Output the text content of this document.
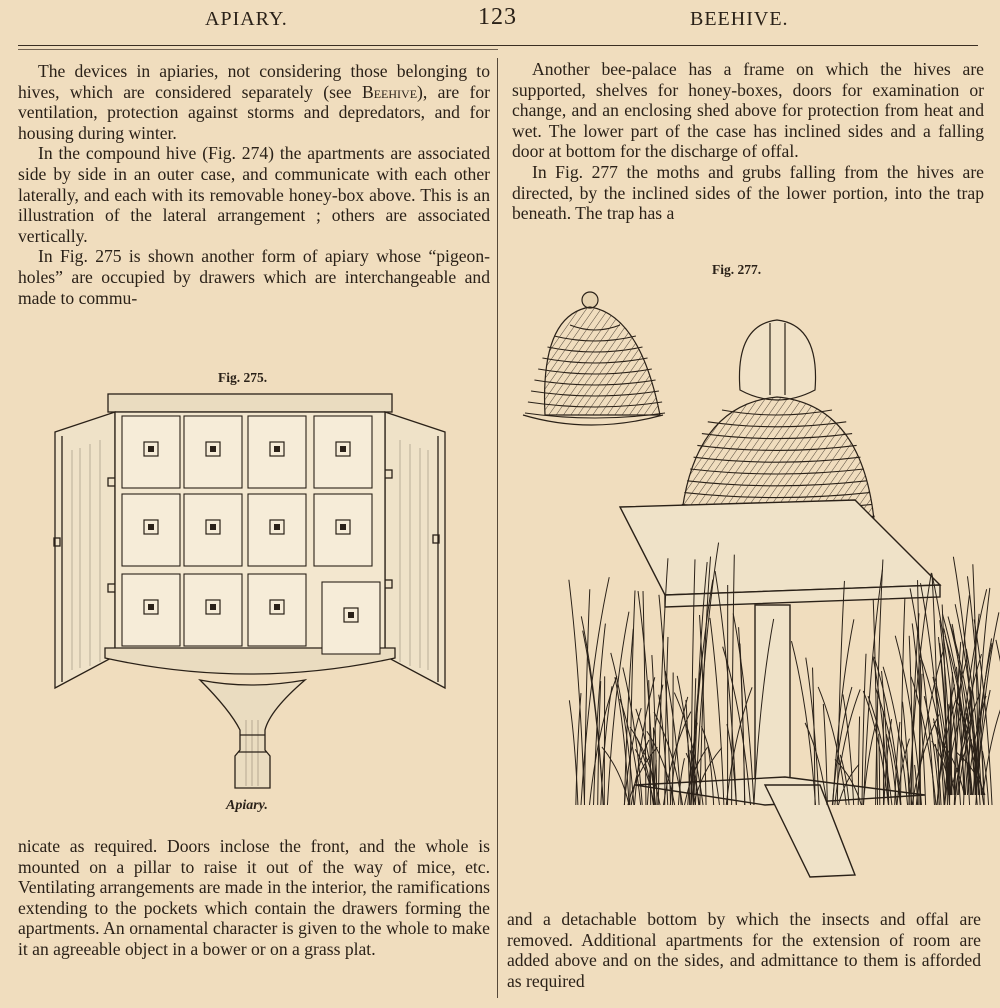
APIARY.	123	BEEHIVE.

The devices in apiaries, not considering those belonging to hives, which are considered separately (see Beehive), are for ventilation, protection against storms and depredators, and for housing during winter.

In the compound hive (Fig. 274) the apartments are associated side by side in an outer case, and communicate with each other laterally, and each with its removable honey-box above. This is an illustration of the lateral arrangement ; others are associated vertically.

In Fig. 275 is shown another form of apiary whose “pigeon-holes” are occupied by drawers which are interchangeable and made to commu-

Fig. 275.
Apiary.

nicate as required. Doors inclose the front, and the whole is mounted on a pillar to raise it out of the way of mice, etc. Ventilating arrangements are made in the interior, the ramifications extending to the pockets which contain the drawers forming the apartments. An ornamental character is given to the whole to make it an agreeable object in a bower or on a grass plat.

Another bee-palace has a frame on which the hives are supported, shelves for honey-boxes, doors for examination or change, and an enclosing shed above for protection from heat and wet. The lower part of the case has inclined sides and a falling door at bottom for the discharge of offal.

In Fig. 277 the moths and grubs falling from the hives are directed, by the inclined sides of the lower portion, into the trap beneath. The trap has a

Fig. 277.

and a detachable bottom by which the insects and offal are removed. Additional apartments for the extension of room are added above and on the sides, and admittance to them is afforded as required
